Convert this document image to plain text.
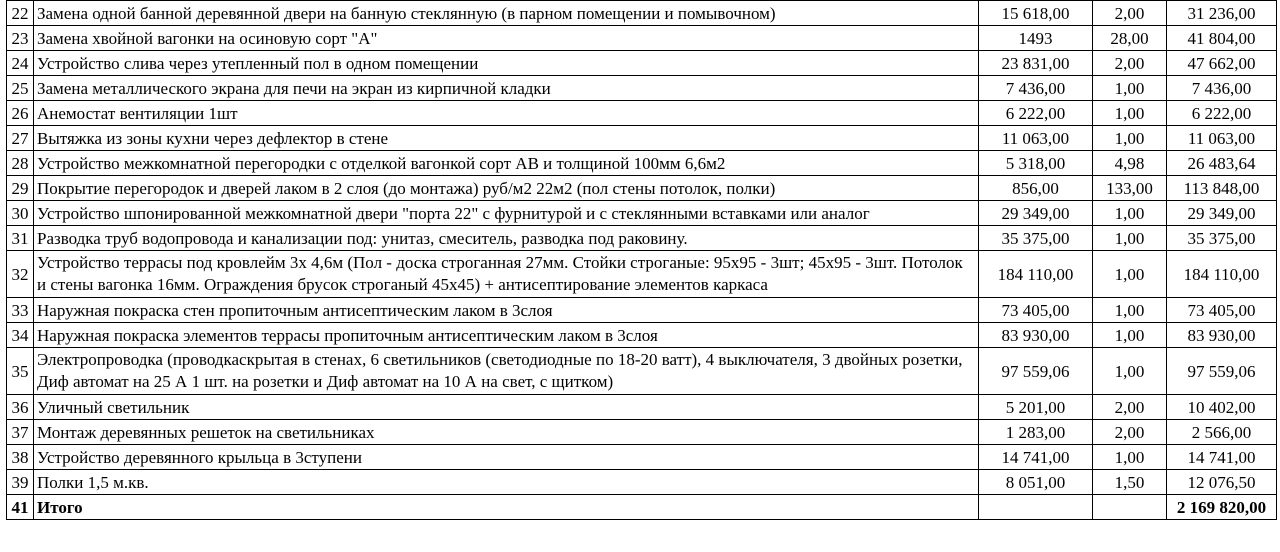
22	Замена одной банной деревянной двери на банную стеклянную (в парном помещении и помывочном)	15 618,00	2,00	31 236,00
23	Замена хвойной вагонки на осиновую сорт "А"	1493	28,00	41 804,00
24	Устройство слива через утепленный пол в одном помещении	23 831,00	2,00	47 662,00
25	Замена металлического экрана для печи на экран из кирпичной кладки	7 436,00	1,00	7 436,00
26	Анемостат вентиляции 1шт	6 222,00	1,00	6 222,00
27	Вытяжка из зоны кухни через дефлектор в стене	11 063,00	1,00	11 063,00
28	Устройство межкомнатной перегородки с отделкой вагонкой сорт АВ и толщиной 100мм 6,6м2	5 318,00	4,98	26 483,64
29	Покрытие перегородок и дверей лаком в 2 слоя (до монтажа) руб/м2 22м2 (пол стены потолок, полки)	856,00	133,00	113 848,00
30	Устройство шпонированной межкомнатной двери "порта 22" с фурнитурой и с стеклянными вставками или аналог	29 349,00	1,00	29 349,00
31	Разводка труб водопровода и канализации под: унитаз, смеситель, разводка под раковину.	35 375,00	1,00	35 375,00
32	Устройство террасы под кровлейм 3х 4,6м (Пол - доска строганная 27мм. Стойки строганые: 95х95 - 3шт; 45х95 - 3шт. Потолок и стены вагонка 16мм. Ограждения брусок строганый 45х45) + антисептирование элементов каркаса	184 110,00	1,00	184 110,00
33	Наружная покраска стен пропиточным антисептическим лаком в 3слоя	73 405,00	1,00	73 405,00
34	Наружная покраска элементов террасы пропиточным антисептическим лаком в 3слоя	83 930,00	1,00	83 930,00
35	Электропроводка (проводкаскрытая в стенах, 6 светильников (светодиодные по 18-20 ватт), 4 выключателя, 3 двойных розетки, Диф автомат на 25 А 1 шт. на розетки и Диф автомат на 10 А на свет, с щитком)	97 559,06	1,00	97 559,06
36	Уличный светильник	5 201,00	2,00	10 402,00
37	Монтаж деревянных решеток на светильниках	1 283,00	2,00	2 566,00
38	Устройство деревянного крыльца в 3ступени	14 741,00	1,00	14 741,00
39	Полки 1,5 м.кв.	8 051,00	1,50	12 076,50
41	Итого			2 169 820,00
